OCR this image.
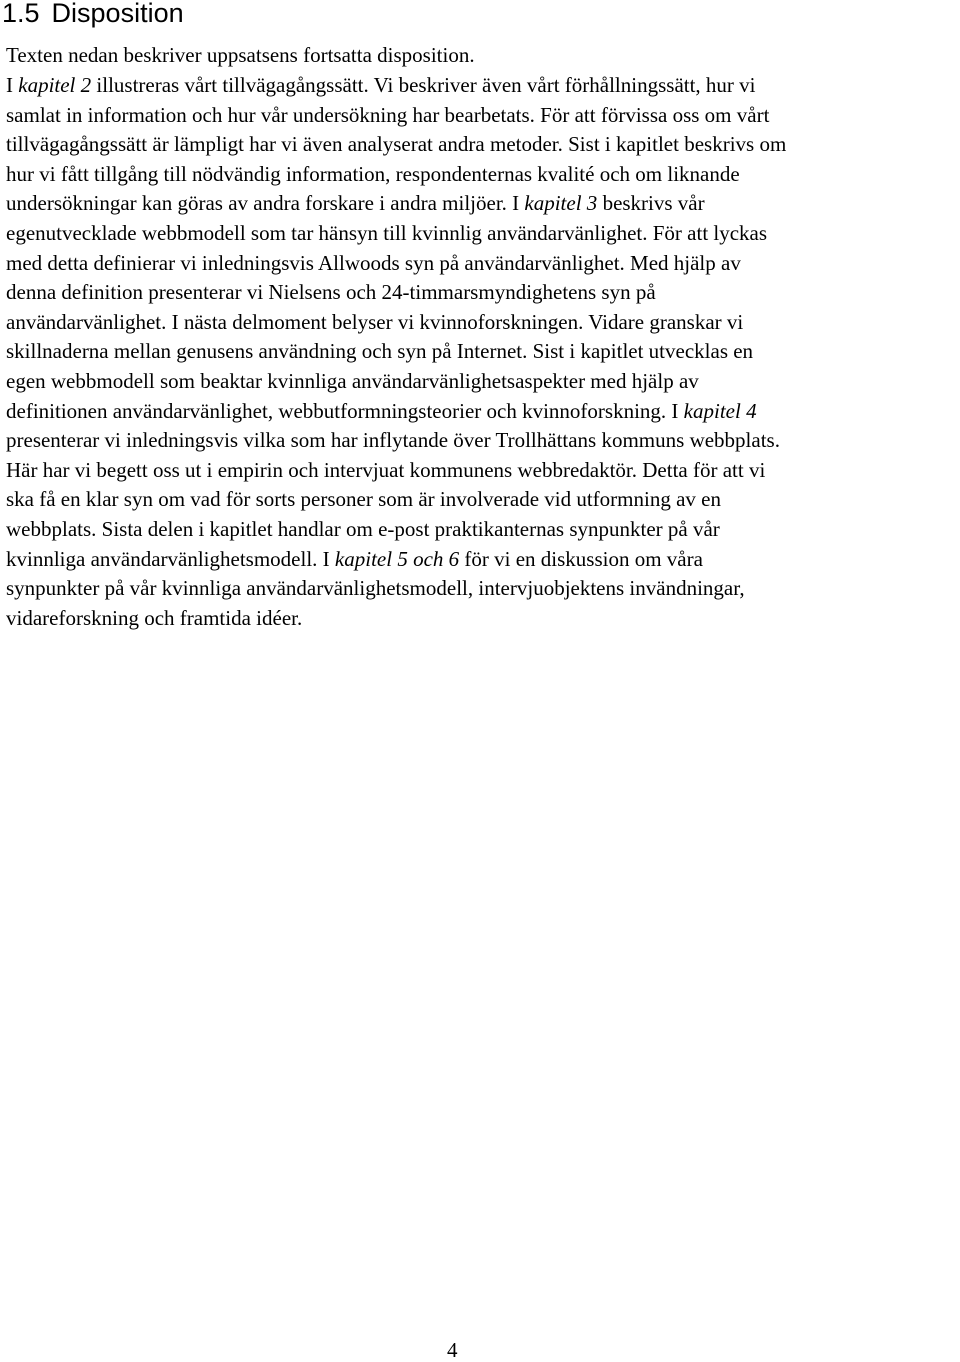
1.5 Disposition

Texten nedan beskriver uppsatsens fortsatta disposition.

I kapitel 2 illustreras vårt tillvägagångssätt. Vi beskriver även vårt förhållningssätt, hur vi
samlat in information och hur vår undersökning har bearbetats. För att förvissa oss om vårt
tillvägagångssätt är lämpligt har vi även analyserat andra metoder. Sist i kapitlet beskrivs om
hur vi fått tillgång till nödvändig information, respondenternas kvalité och om liknande
undersökningar kan göras av andra forskare i andra miljöer. I kapitel 3 beskrivs vår
egenutvecklade webbmodell som tar hänsyn till kvinnlig användarvänlighet. För att lyckas
med detta definierar vi inledningsvis Allwoods syn på användarvänlighet. Med hjälp av
denna definition presenterar vi Nielsens och 24-timmarsmyndighetens syn på
användarvänlighet. I nästa delmoment belyser vi kvinnoforskningen. Vidare granskar vi
skillnaderna mellan genusens användning och syn på Internet. Sist i kapitlet utvecklas en
egen webbmodell som beaktar kvinnliga användarvänlighetsaspekter med hjälp av
definitionen användarvänlighet, webbutformningsteorier och kvinnoforskning. I kapitel 4
presenterar vi inledningsvis vilka som har inflytande över Trollhättans kommuns webbplats.
Här har vi begett oss ut i empirin och intervjuat kommunens webbredaktör. Detta för att vi
ska få en klar syn om vad för sorts personer som är involverade vid utformning av en
webbplats. Sista delen i kapitlet handlar om e-post praktikanternas synpunkter på vår
kvinnliga användarvänlighetsmodell. I kapitel 5 och 6 för vi en diskussion om våra
synpunkter på vår kvinnliga användarvänlighetsmodell, intervjuobjektens invändningar,
vidareforskning och framtida idéer.

4
